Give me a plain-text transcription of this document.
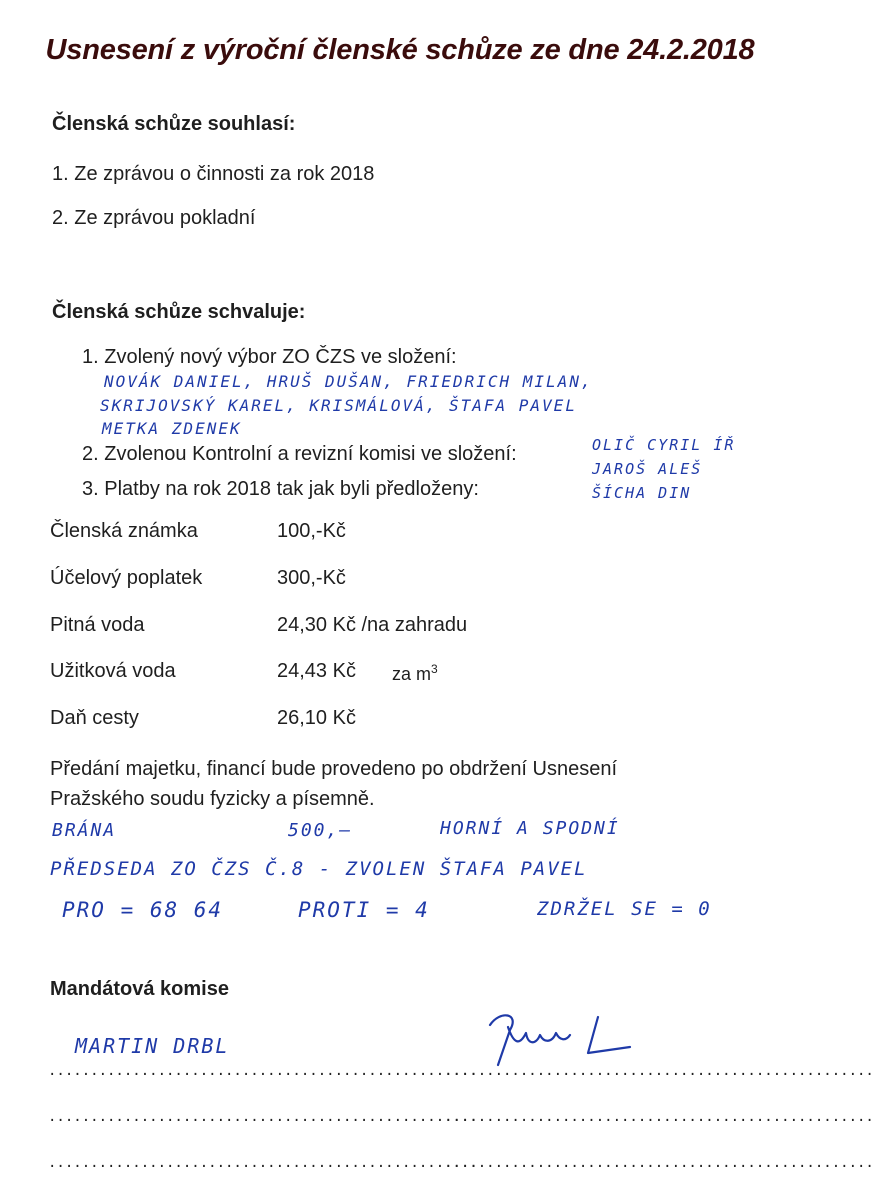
Usnesení z výroční členské schůze ze dne 24.2.2018
Členská schůze souhlasí:
1. Ze zprávou o činnosti za rok 2018
2. Ze zprávou pokladní
Členská schůze schvaluje:
1. Zvolený nový výbor ZO ČZS ve složení:
NOVÁK DANIEL, HRUŠ DUŠAN, FRIEDRICH MILAN,
SKRIJOVSKÝ KAREL, KRISMÁLOVÁ, ŠTAFA PAVEL
METKA ZDENEK
2. Zvolenou Kontrolní a revizní komisi ve složení:
3. Platby na rok 2018 tak jak byli předloženy:
OLIČ CYRIL ÍŘ
JAROŠ ALEŠ
ŠÍCHA DIN
Členská známka	100,-Kč
Účelový poplatek	300,-Kč
Pitná voda	24,30 Kč /na zahradu
Užitková voda	24,43 Kč za $m^3$
Daň cesty	26,10 Kč
Předání majetku, financí bude provedeno po obdržení Usnesení
Pražského soudu fyzicky a písemně.
BRÁNA	500,—	HORNÍ A SPODNÍ
PŘEDSEDA ZO ČZS Č.8 - ZVOLEN ŠTAFA PAVEL
PRO = 68 64	PROTI = 4	ZDRŽEL SE = 0
Mandátová komise
MARTIN DRBL
...................................................
...................................................
...................................................
...................................................
...................................................
...................................................
